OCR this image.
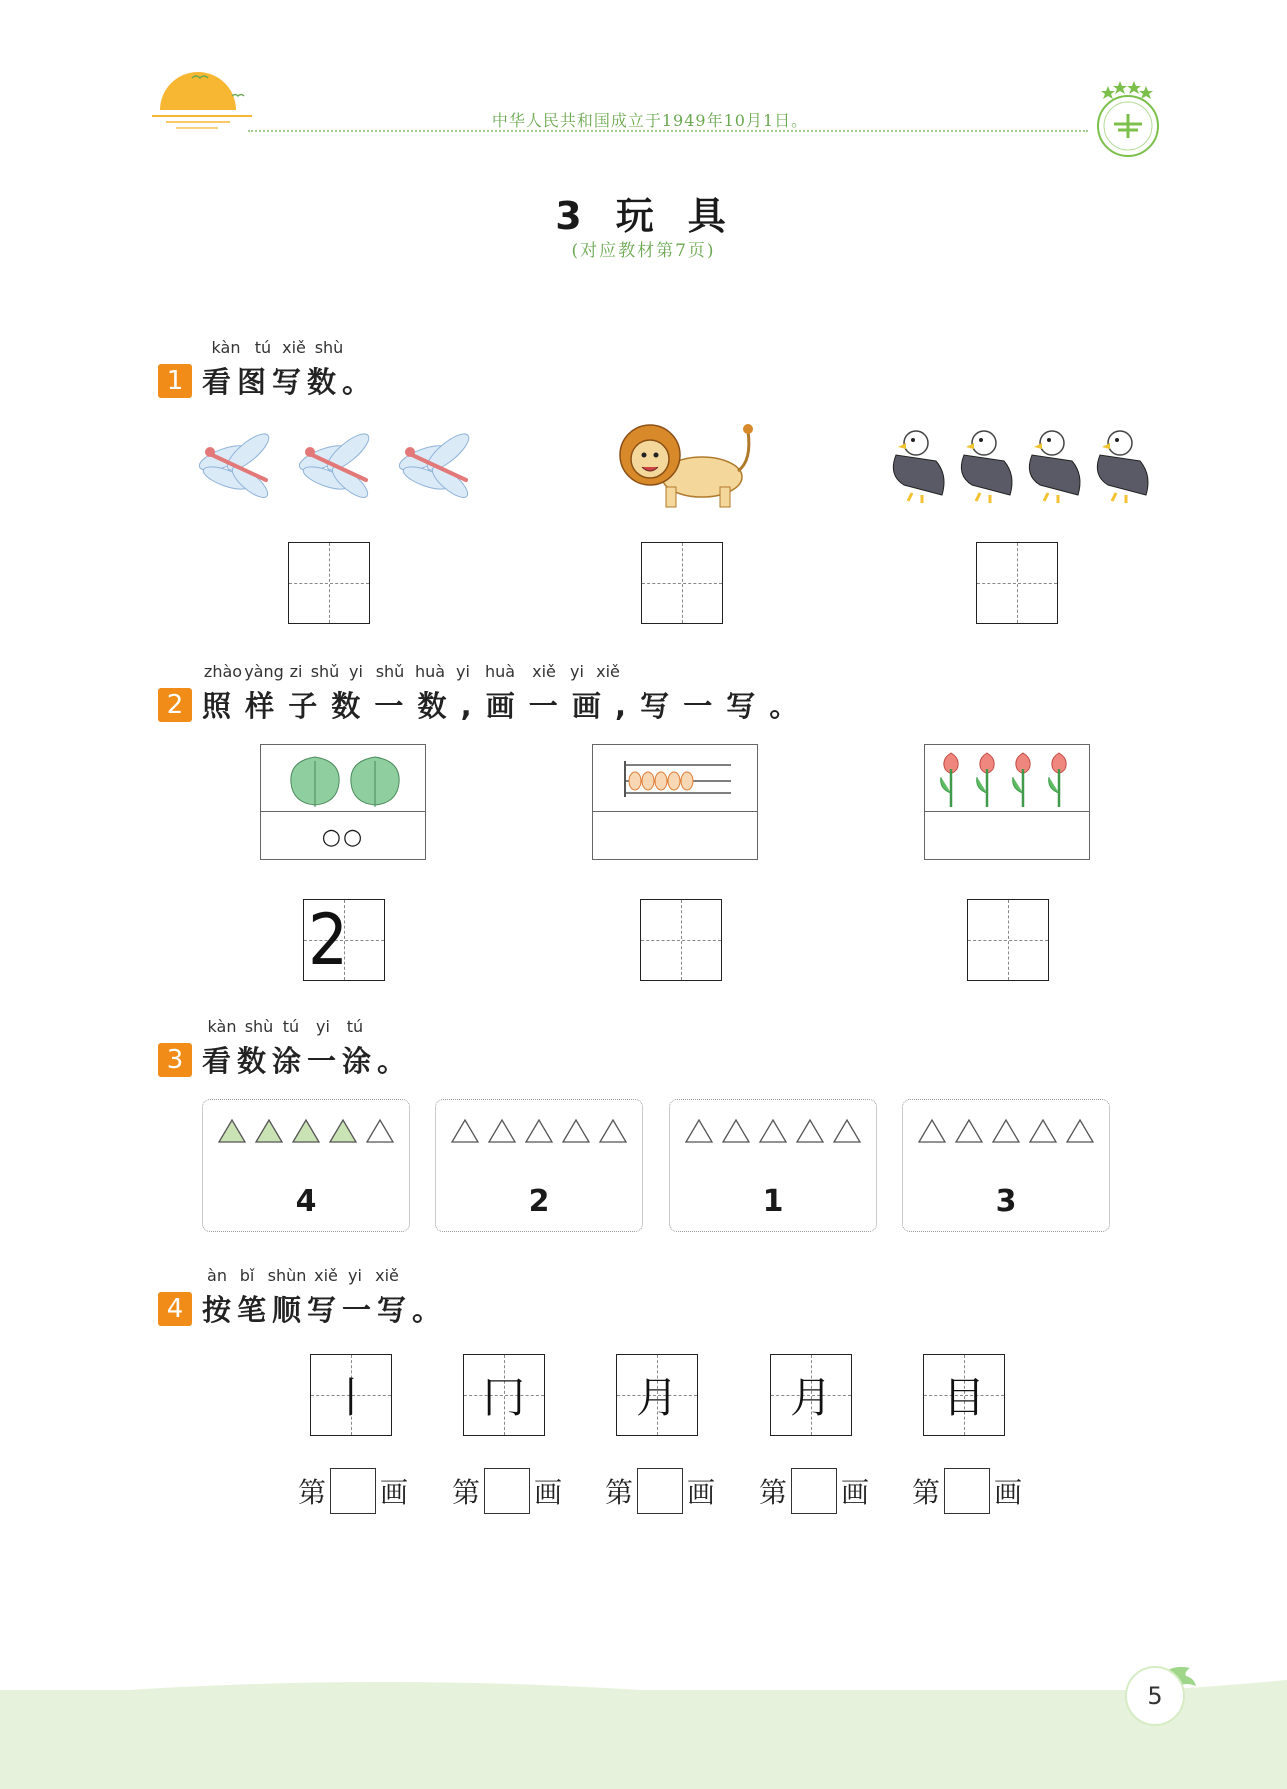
中华人民共和国成立于1949年10月1日。
3 玩 具
(对应教材第7页)
kàn tú xiě shù
1 看图写数。
zhào yàng zi shǔ yi shǔ huà yi huà	xiě yi xiě
2 照 样 子 数 一 数 , 画 一 画 , 写 一 写 。
○○
2
kàn shù tú	yi	tú
3 看数涂一涂。
4	2	1	3
àn bǐ shùn xiě yi xiě
4 按笔顺写一写。
丨	冂	月	月	目
第 画 第 画 第 画 第 画 第 画
5
